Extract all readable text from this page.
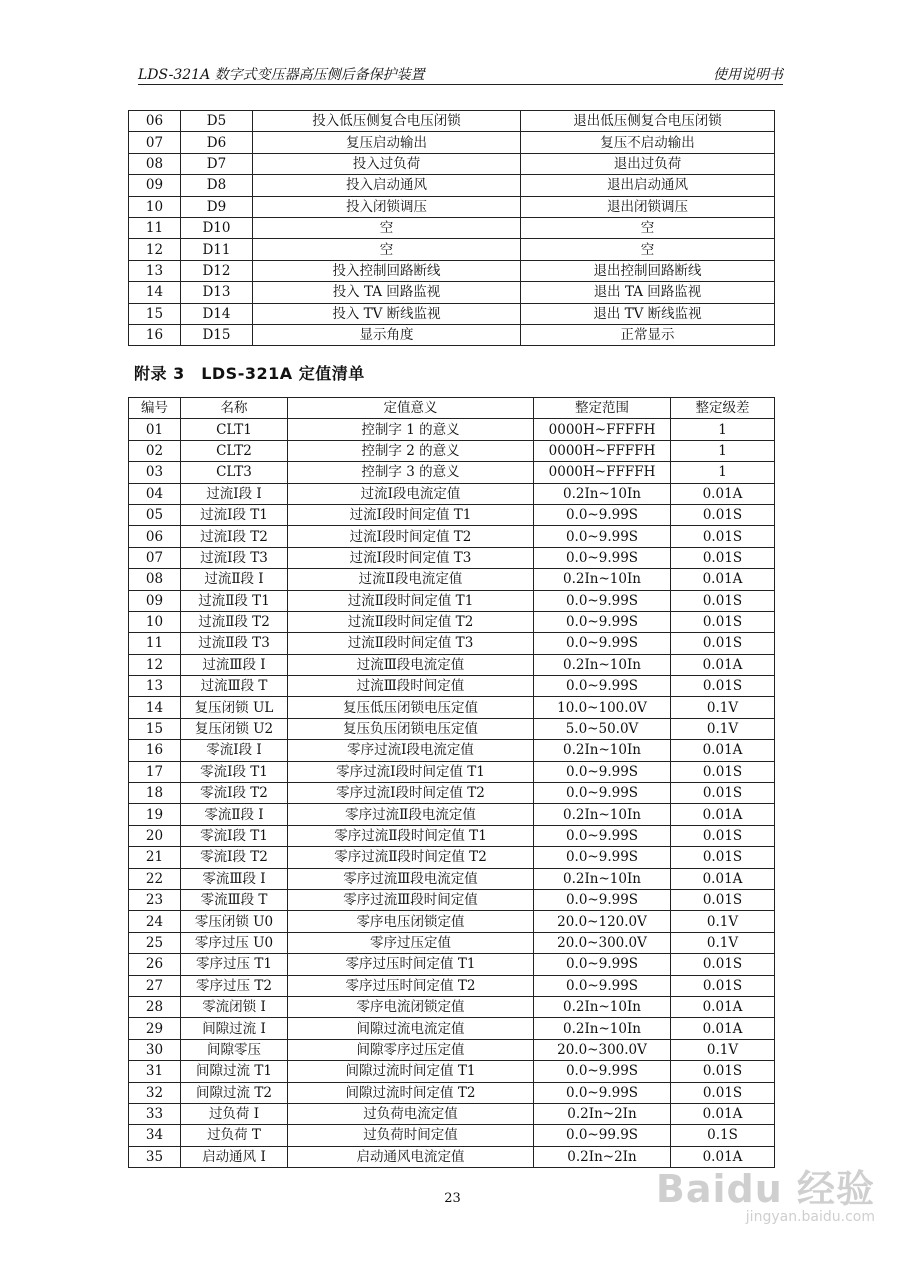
LDS-321A 数字式变压器高压侧后备保护装置	使用说明书
06	D5	投入低压侧复合电压闭锁	退出低压侧复合电压闭锁
07	D6	复压启动输出	复压不启动输出
08	D7	投入过负荷	退出过负荷
09	D8	投入启动通风	退出启动通风
10	D9	投入闭锁调压	退出闭锁调压
11	D10	空	空
12	D11	空	空
13	D12	投入控制回路断线	退出控制回路断线
14	D13	投入 TA 回路监视	退出 TA 回路监视
15	D14	投入 TV 断线监视	退出 TV 断线监视
16	D15	显示角度	正常显示
附录 3　LDS-321A 定值清单
编号	名称	定值意义	整定范围	整定级差
01	CLT1	控制字 1 的意义	0000H~FFFFH	1
02	CLT2	控制字 2 的意义	0000H~FFFFH	1
03	CLT3	控制字 3 的意义	0000H~FFFFH	1
04	过流Ⅰ段 I	过流Ⅰ段电流定值	0.2In~10In	0.01A
05	过流Ⅰ段 T1	过流Ⅰ段时间定值 T1	0.0~9.99S	0.01S
06	过流Ⅰ段 T2	过流Ⅰ段时间定值 T2	0.0~9.99S	0.01S
07	过流Ⅰ段 T3	过流Ⅰ段时间定值 T3	0.0~9.99S	0.01S
08	过流Ⅱ段 I	过流Ⅱ段电流定值	0.2In~10In	0.01A
09	过流Ⅱ段 T1	过流Ⅱ段时间定值 T1	0.0~9.99S	0.01S
10	过流Ⅱ段 T2	过流Ⅱ段时间定值 T2	0.0~9.99S	0.01S
11	过流Ⅱ段 T3	过流Ⅱ段时间定值 T3	0.0~9.99S	0.01S
12	过流Ⅲ段 I	过流Ⅲ段电流定值	0.2In~10In	0.01A
13	过流Ⅲ段 T	过流Ⅲ段时间定值	0.0~9.99S	0.01S
14	复压闭锁 UL	复压低压闭锁电压定值	10.0~100.0V	0.1V
15	复压闭锁 U2	复压负压闭锁电压定值	5.0~50.0V	0.1V
16	零流Ⅰ段 I	零序过流Ⅰ段电流定值	0.2In~10In	0.01A
17	零流Ⅰ段 T1	零序过流Ⅰ段时间定值 T1	0.0~9.99S	0.01S
18	零流Ⅰ段 T2	零序过流Ⅰ段时间定值 T2	0.0~9.99S	0.01S
19	零流Ⅱ段 I	零序过流Ⅱ段电流定值	0.2In~10In	0.01A
20	零流Ⅰ段 T1	零序过流Ⅱ段时间定值 T1	0.0~9.99S	0.01S
21	零流Ⅰ段 T2	零序过流Ⅱ段时间定值 T2	0.0~9.99S	0.01S
22	零流Ⅲ段 I	零序过流Ⅲ段电流定值	0.2In~10In	0.01A
23	零流Ⅲ段 T	零序过流Ⅲ段时间定值	0.0~9.99S	0.01S
24	零压闭锁 U0	零序电压闭锁定值	20.0~120.0V	0.1V
25	零序过压 U0	零序过压定值	20.0~300.0V	0.1V
26	零序过压 T1	零序过压时间定值 T1	0.0~9.99S	0.01S
27	零序过压 T2	零序过压时间定值 T2	0.0~9.99S	0.01S
28	零流闭锁 I	零序电流闭锁定值	0.2In~10In	0.01A
29	间隙过流 I	间隙过流电流定值	0.2In~10In	0.01A
30	间隙零压	间隙零序过压定值	20.0~300.0V	0.1V
31	间隙过流 T1	间隙过流时间定值 T1	0.0~9.99S	0.01S
32	间隙过流 T2	间隙过流时间定值 T2	0.0~9.99S	0.01S
33	过负荷 I	过负荷电流定值	0.2In~2In	0.01A
34	过负荷 T	过负荷时间定值	0.0~99.9S	0.1S
35	启动通风 I	启动通风电流定值	0.2In~2In	0.01A
23	Baidu 经验
jingyan.baidu.com
